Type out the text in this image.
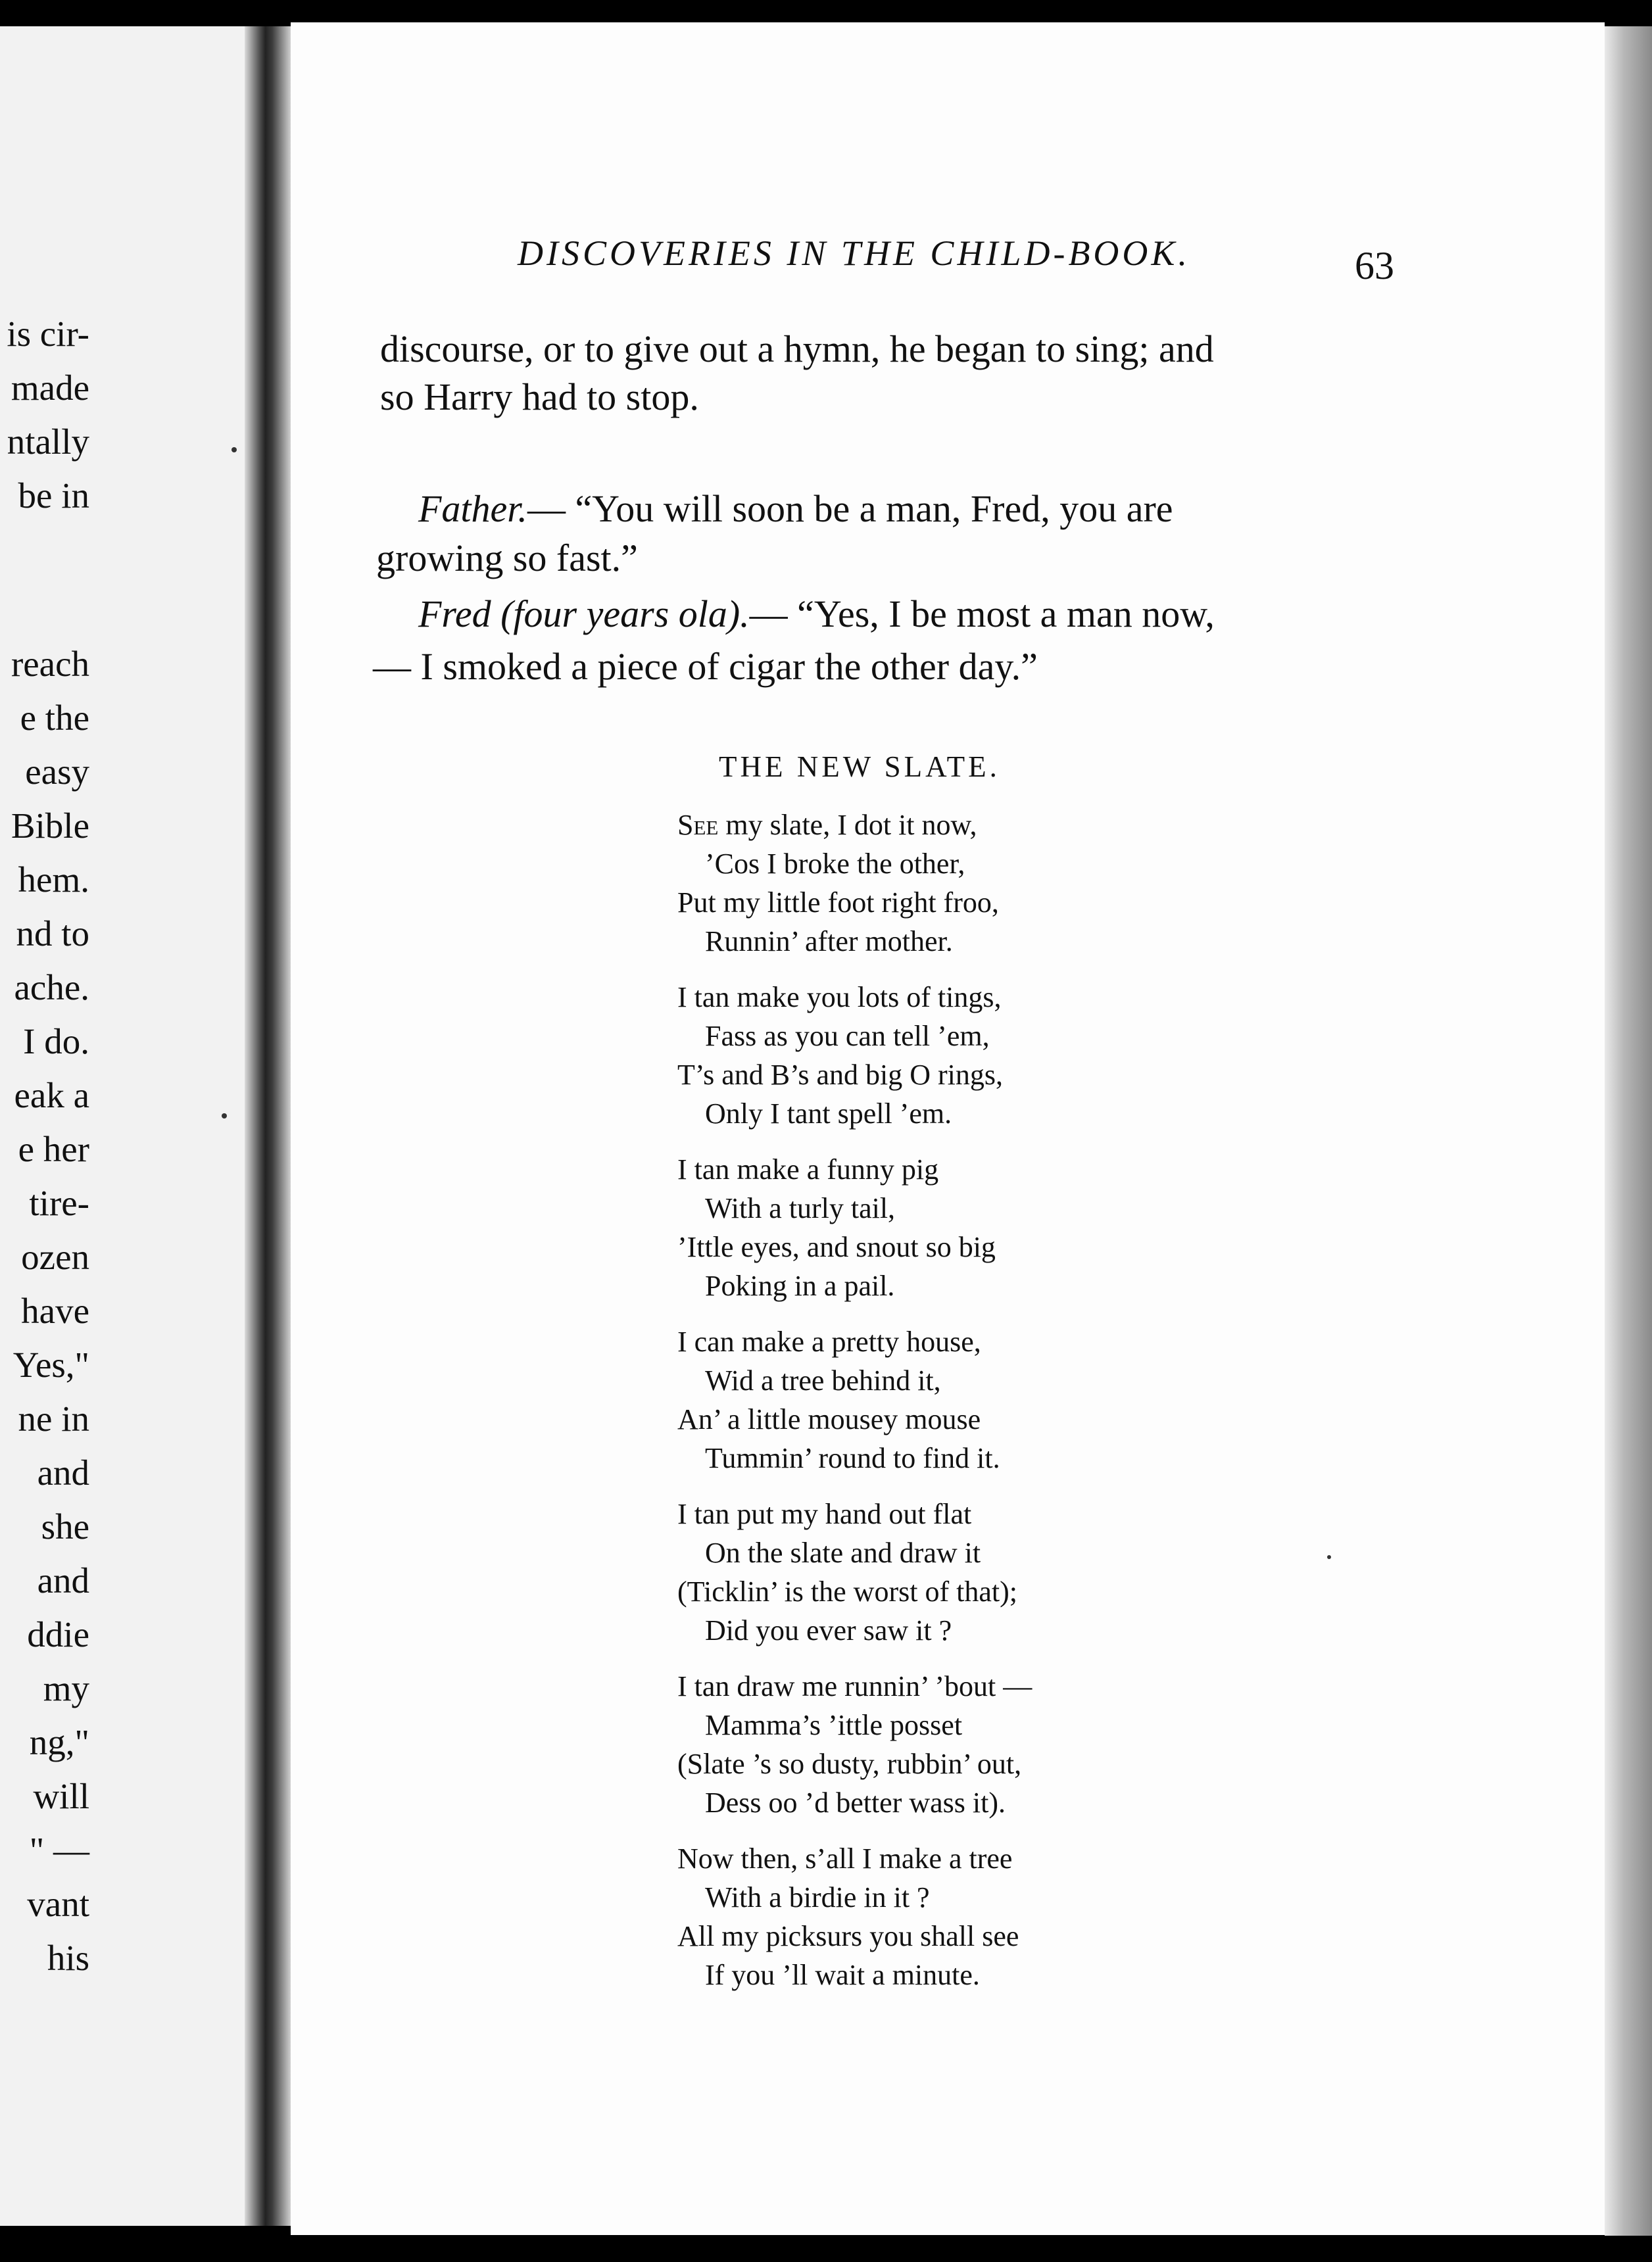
is cir-
made
ntally
be in
reach
e the
easy
Bible
hem.
nd to
ache.
I do.
eak a
e her
tire-
ozen
have
Yes,"
ne in
and
she
and
ddie
my
ng,"
will
" —
vant
his
DISCOVERIES IN THE CHILD-BOOK.	63
discourse, or to give out a hymn, he began to sing; and
so Harry had to stop.
Father.— “You will soon be a man, Fred, you are
growing so fast.”
Fred (four years ola).— “Yes, I be most a man now,
— I smoked a piece of cigar the other day.”
THE NEW SLATE.
See my slate, I dot it now,
’Cos I broke the other,
Put my little foot right froo,
Runnin’ after mother.
I tan make you lots of tings,
Fass as you can tell ’em,
T’s and B’s and big O rings,
Only I tant spell ’em.
I tan make a funny pig
With a turly tail,
’Ittle eyes, and snout so big
Poking in a pail.
I can make a pretty house,
Wid a tree behind it,
An’ a little mousey mouse
Tummin’ round to find it.
I tan put my hand out flat
On the slate and draw it
(Ticklin’ is the worst of that);
Did you ever saw it ?
I tan draw me runnin’ ’bout —
Mamma’s ’ittle posset
(Slate ’s so dusty, rubbin’ out,
Dess oo ’d better wass it).
Now then, s’all I make a tree
With a birdie in it ?
All my picksurs you shall see
If you ’ll wait a minute.
